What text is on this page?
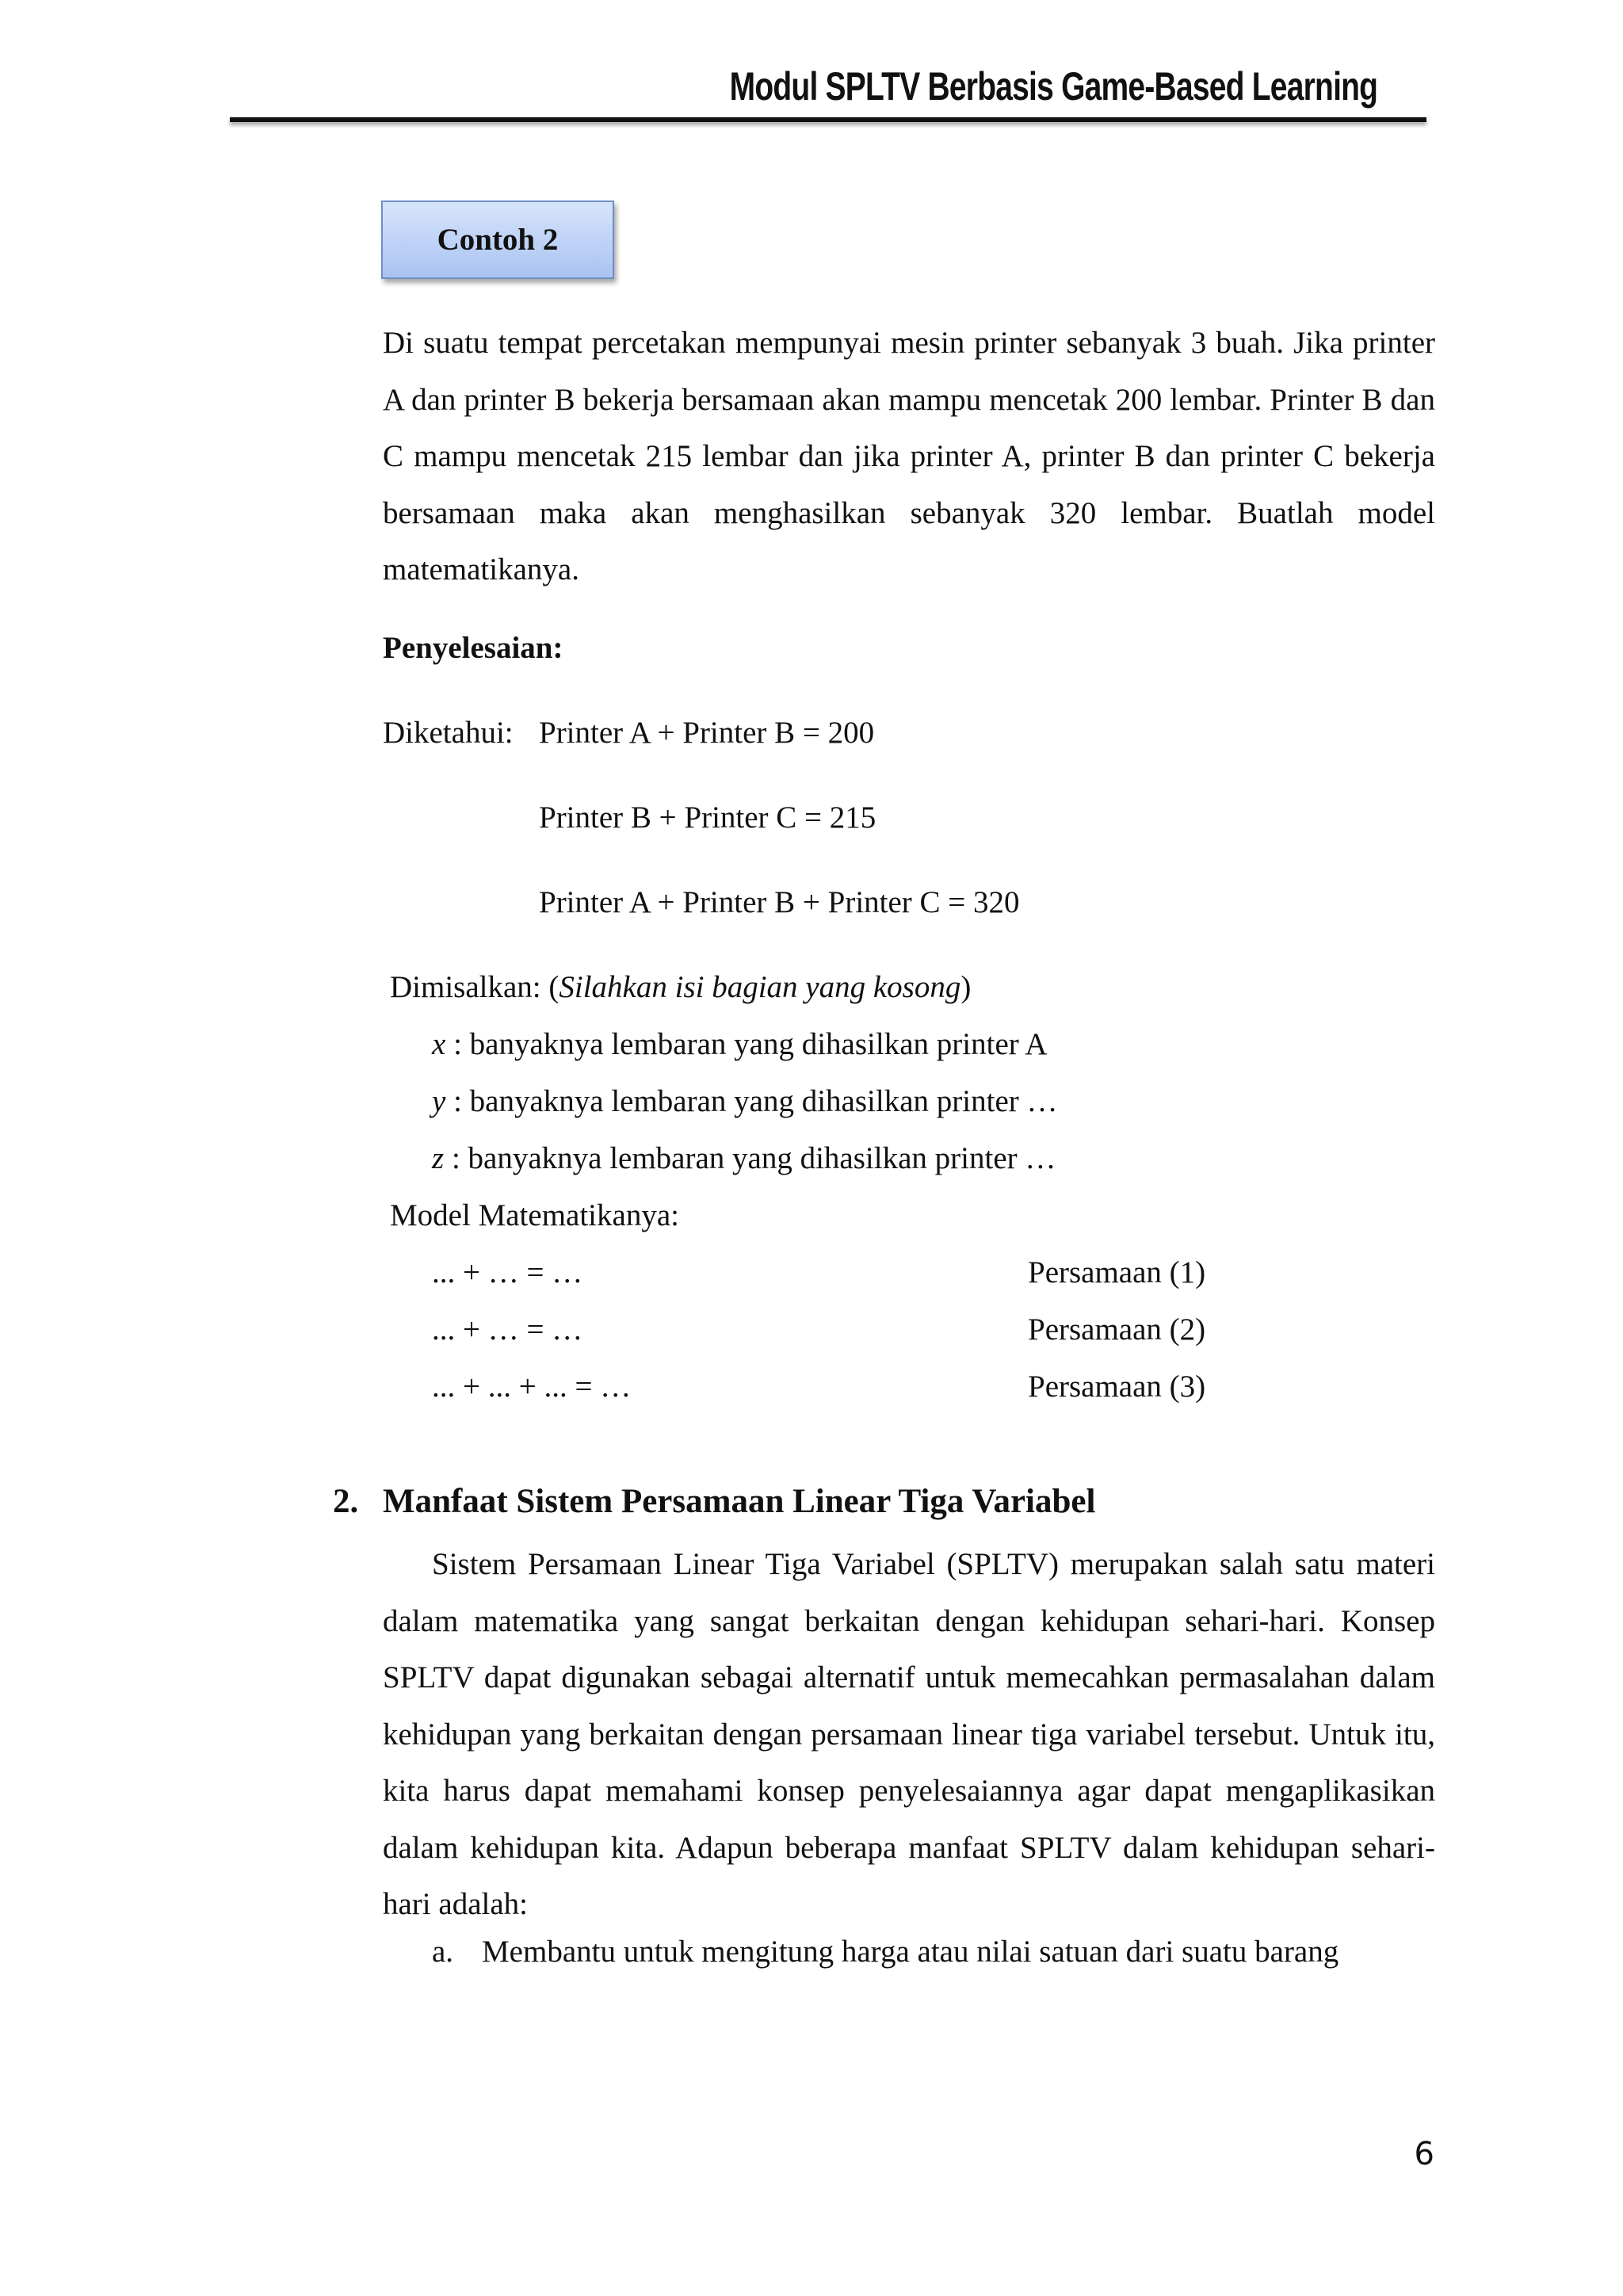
Modul SPLTV Berbasis Game-Based Learning
Contoh 2
Di suatu tempat percetakan mempunyai mesin printer sebanyak 3 buah. Jika printer A dan printer B bekerja bersamaan akan mampu mencetak 200 lembar. Printer B dan C mampu mencetak 215 lembar dan jika printer A, printer B dan printer C bekerja bersamaan maka akan menghasilkan sebanyak 320 lembar. Buatlah model matematikanya.
Penyelesaian:
Diketahui: Printer A + Printer B = 200
Printer B + Printer C = 215
Printer A + Printer B + Printer C = 320
Dimisalkan: (Silahkan isi bagian yang kosong)
x : banyaknya lembaran yang dihasilkan printer A
y : banyaknya lembaran yang dihasilkan printer …
z : banyaknya lembaran yang dihasilkan printer …
Model Matematikanya:
... + … = …	Persamaan (1)
... + … = …	Persamaan (2)
... + ... + ... = …	Persamaan (3)
2. Manfaat Sistem Persamaan Linear Tiga Variabel
Sistem Persamaan Linear Tiga Variabel (SPLTV) merupakan salah satu materi dalam matematika yang sangat berkaitan dengan kehidupan sehari-hari. Konsep SPLTV dapat digunakan sebagai alternatif untuk memecahkan permasalahan dalam kehidupan yang berkaitan dengan persamaan linear tiga variabel tersebut. Untuk itu, kita harus dapat memahami konsep penyelesaiannya agar dapat mengaplikasikan dalam kehidupan kita. Adapun beberapa manfaat SPLTV dalam kehidupan sehari-hari adalah:
a. Membantu untuk mengitung harga atau nilai satuan dari suatu barang
6
